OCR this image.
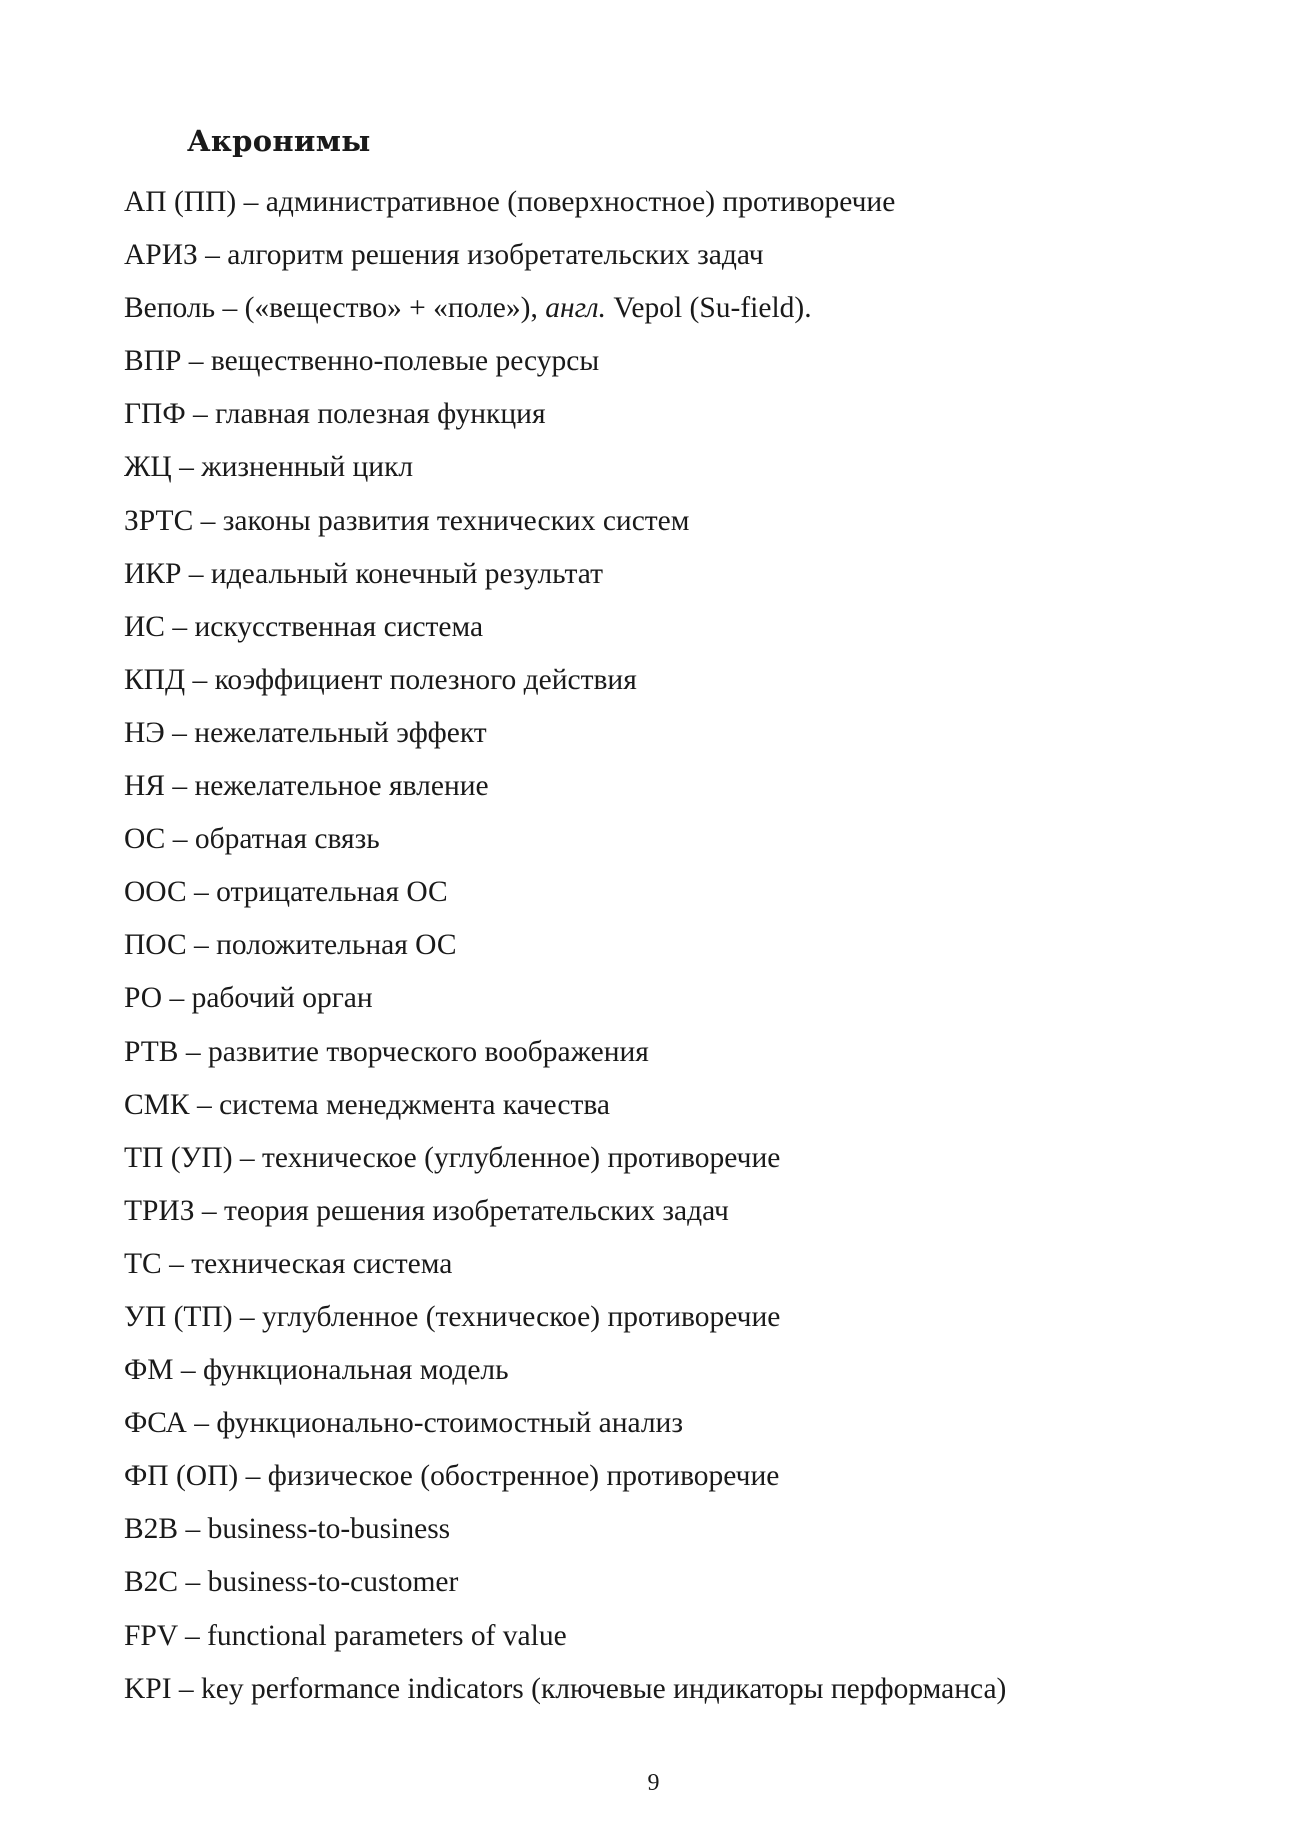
Акронимы
АП (ПП) – административное (поверхностное) противоречие
АРИЗ – алгоритм решения изобретательских задач
Веполь – («вещество» + «поле»), англ. Vepol (Su-field).
ВПР – вещественно-полевые ресурсы
ГПФ – главная полезная функция
ЖЦ – жизненный цикл
ЗРТС – законы развития технических систем
ИКР – идеальный конечный результат
ИС – искусственная система
КПД – коэффициент полезного действия
НЭ – нежелательный эффект
НЯ – нежелательное явление
ОС – обратная связь
ООС – отрицательная ОС
ПОС – положительная ОС
РО – рабочий орган
РТВ – развитие творческого воображения
СМК – система менеджмента качества
ТП (УП) – техническое (углубленное) противоречие
ТРИЗ – теория решения изобретательских задач
ТС – техническая система
УП (ТП) – углубленное (техническое) противоречие
ФМ – функциональная модель
ФСА – функционально-стоимостный анализ
ФП (ОП) – физическое (обостренное) противоречие
B2B – business-to-business
B2C – business-to-customer
FPV – functional parameters of value
KPI – key performance indicators (ключевые индикаторы перформанса)
9
